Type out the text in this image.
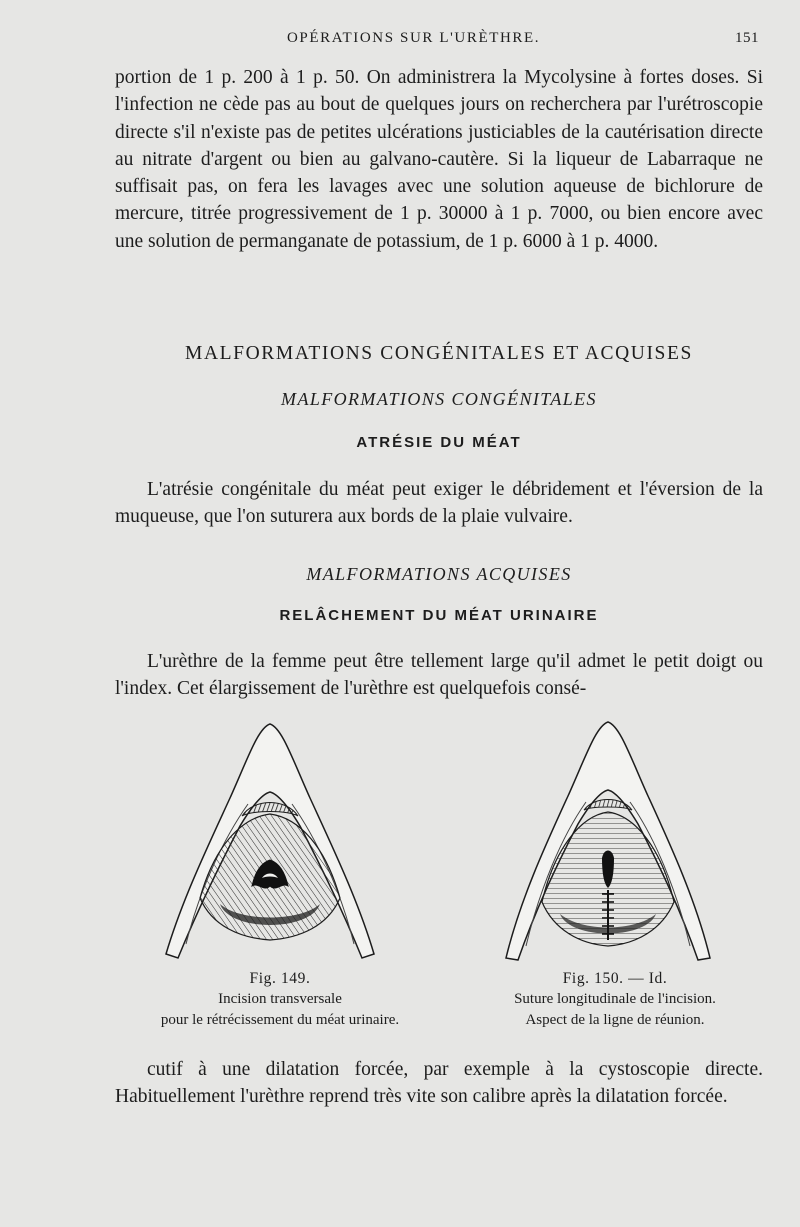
OPÉRATIONS SUR L'URÈTHRE.	151

portion de 1 p. 200 à 1 p. 50. On administrera la Mycolysine à fortes doses. Si l'infection ne cède pas au bout de quelques jours on recherchera par l'urétroscopie directe s'il n'existe pas de petites ulcérations justiciables de la cautérisation directe au nitrate d'argent ou bien au galvano-cautère. Si la liqueur de Labarraque ne suffisait pas, on fera les lavages avec une solution aqueuse de bichlorure de mercure, titrée progressivement de 1 p. 30000 à 1 p. 7000, ou bien encore avec une solution de permanganate de potassium, de 1 p. 6000 à 1 p. 4000.

MALFORMATIONS CONGÉNITALES ET ACQUISES
MALFORMATIONS CONGÉNITALES
ATRÉSIE DU MÉAT

L'atrésie congénitale du méat peut exiger le débridement et l'éversion de la muqueuse, que l'on suturera aux bords de la plaie vulvaire.

MALFORMATIONS ACQUISES
RELÂCHEMENT DU MÉAT URINAIRE

L'urèthre de la femme peut être tellement large qu'il admet le petit doigt ou l'index. Cet élargissement de l'urèthre est quelquefois consé-

Fig. 149.
Incision transversale
pour le rétrécissement du méat urinaire.
Fig. 150. — Id.
Suture longitudinale de l'incision.
Aspect de la ligne de réunion.

cutif à une dilatation forcée, par exemple à la cystoscopie directe. Habituellement l'urèthre reprend très vite son calibre après la dilatation forcée.
